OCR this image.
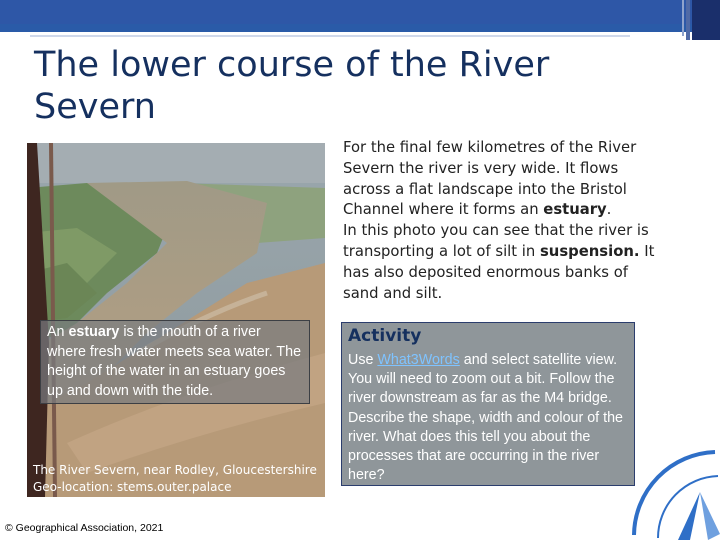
The lower course of the River Severn
An estuary is the mouth of a river where fresh water meets sea water. The height of the water in an estuary goes up and down with the tide.
The River Severn, near Rodley, Gloucestershire
Geo-location: stems.outer.palace
© Geographical Association, 2021

For the final few kilometres of the River Severn the river is very wide. It flows across a flat landscape into the Bristol Channel where it forms an estuary.

In this photo you can see that the river is transporting a lot of silt in suspension. It has also deposited enormous banks of sand and silt.

Activity

Use What3Words and select satellite view. You will need to zoom out a bit. Follow the river downstream as far as the M4 bridge. Describe the shape, width and colour of the river. What does this tell you about the processes that are occurring in the river here?
